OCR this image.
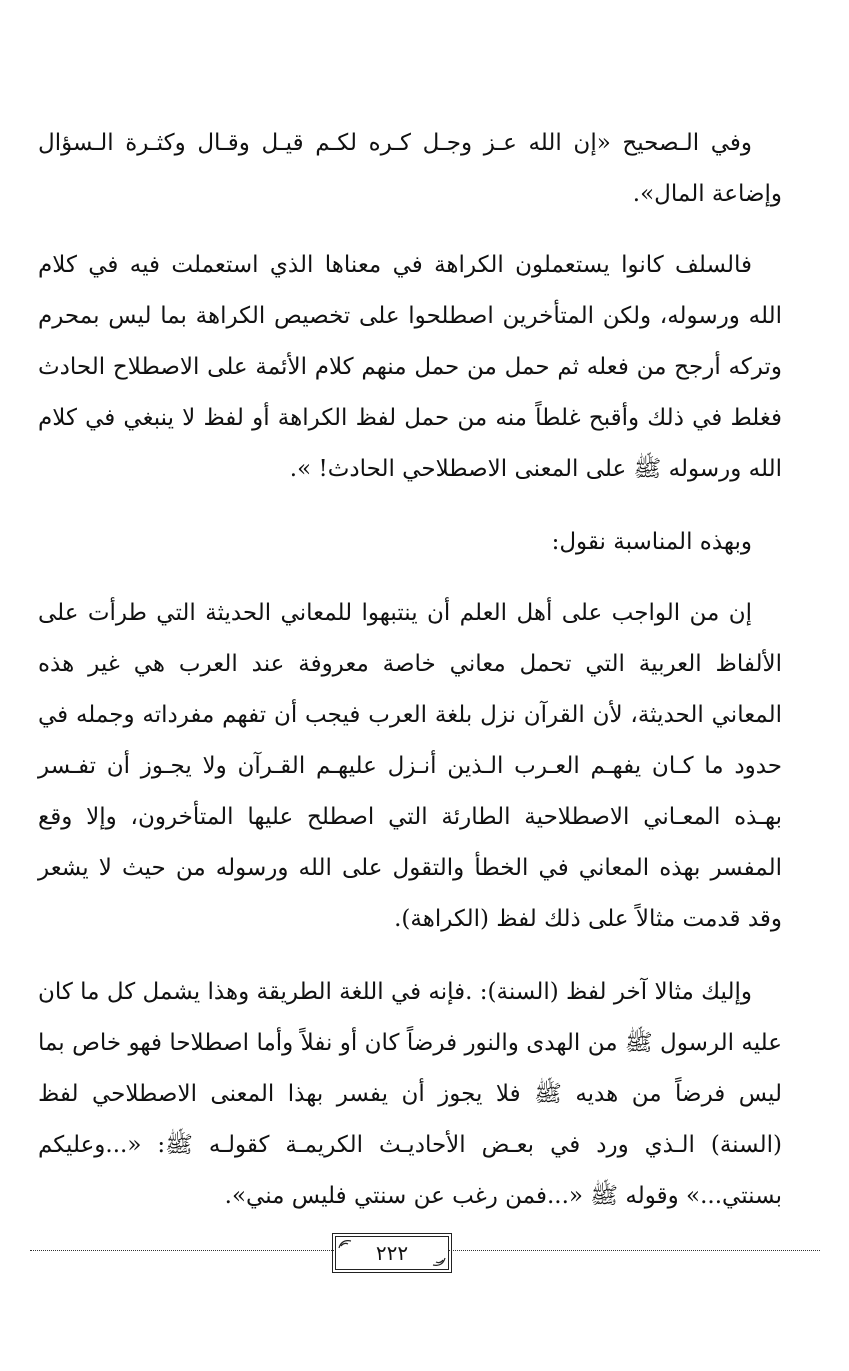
وفي الـصحيح «إن الله عـز وجـل كـره لكـم قيـل وقـال وكثـرة الـسؤال وإضاعة المال».

فالسلف كانوا يستعملون الكراهة في معناها الذي استعملت فيه في كلام الله ورسوله، ولكن المتأخرين اصطلحوا على تخصيص الكراهة بما ليس بمحرم وتركه أرجح من فعله ثم حمل من حمل منهم كلام الأئمة على الاصطلاح الحادث فغلط في ذلك وأقبح غلطاً منه من حمل لفظ الكراهة أو لفظ لا ينبغي في كلام الله ورسوله ﷺ على المعنى الاصطلاحي الحادث! ».

وبهذه المناسبة نقول:

إن من الواجب على أهل العلم أن ينتبهوا للمعاني الحديثة التي طرأت على الألفاظ العربية التي تحمل معاني خاصة معروفة عند العرب هي غير هذه المعاني الحديثة، لأن القرآن نزل بلغة العرب فيجب أن تفهم مفرداته وجمله في حدود ما كـان يفهـم العـرب الـذين أنـزل عليهـم القـرآن ولا يجـوز أن تفـسر بهـذه المعـاني الاصطلاحية الطارئة التي اصطلح عليها المتأخرون، وإلا وقع المفسر بهذه المعاني في الخطأ والتقول على الله ورسوله من حيث لا يشعر وقد قدمت مثالاً على ذلك لفظ (الكراهة).

وإليك مثالا آخر لفظ (السنة): .فإنه في اللغة الطريقة وهذا يشمل كل ما كان عليه الرسول ﷺ من الهدى والنور فرضاً كان أو نفلاً وأما اصطلاحا فهو خاص بما ليس فرضاً من هديه ﷺ فلا يجوز أن يفسر بهذا المعنى الاصطلاحي لفظ (السنة) الـذي ورد في بعـض الأحاديـث الكريمـة كقولـه ﷺ: «...وعليكم بسنتي...» وقوله ﷺ «...فمن رغب عن سنتي فليس مني».

٢٢٢
